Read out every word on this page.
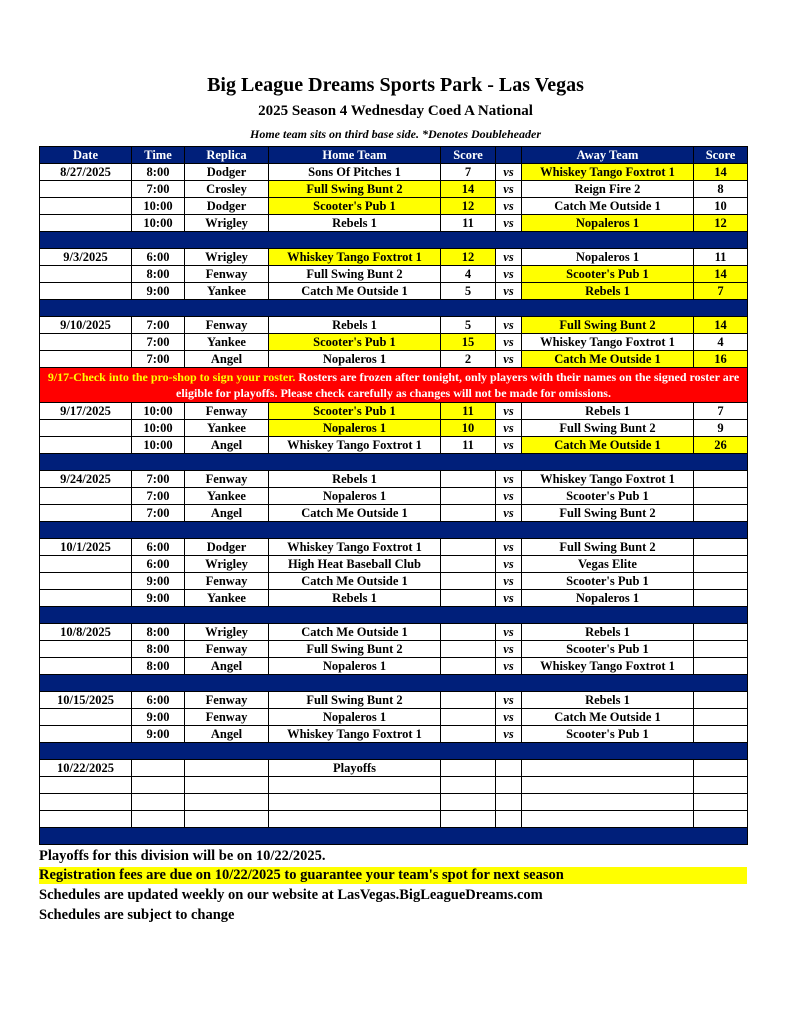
Big League Dreams Sports Park - Las Vegas
2025 Season 4 Wednesday Coed A National
Home team sits on third base side. *Denotes Doubleheader
Date	Time	Replica	Home Team	Score		Away Team	Score
8/27/2025	8:00	Dodger	Sons Of Pitches 1	7	vs	Whiskey Tango Foxtrot 1	14
	7:00	Crosley	Full Swing Bunt 2	14	vs	Reign Fire 2	8
	10:00	Dodger	Scooter's Pub 1	12	vs	Catch Me Outside 1	10
	10:00	Wrigley	Rebels 1	11	vs	Nopaleros 1	12

9/3/2025	6:00	Wrigley	Whiskey Tango Foxtrot 1	12	vs	Nopaleros 1	11
	8:00	Fenway	Full Swing Bunt 2	4	vs	Scooter's Pub 1	14
	9:00	Yankee	Catch Me Outside 1	5	vs	Rebels 1	7

9/10/2025	7:00	Fenway	Rebels 1	5	vs	Full Swing Bunt 2	14
	7:00	Yankee	Scooter's Pub 1	15	vs	Whiskey Tango Foxtrot 1	4
	7:00	Angel	Nopaleros 1	2	vs	Catch Me Outside 1	16
9/17-Check into the pro-shop to sign your roster. Rosters are frozen after tonight, only players with their names on the signed roster are eligible for playoffs. Please check carefully as changes will not be made for omissions.							
9/17/2025	10:00	Fenway	Scooter's Pub 1	11	vs	Rebels 1	7
	10:00	Yankee	Nopaleros 1	10	vs	Full Swing Bunt 2	9
	10:00	Angel	Whiskey Tango Foxtrot 1	11	vs	Catch Me Outside 1	26

9/24/2025	7:00	Fenway	Rebels 1		vs	Whiskey Tango Foxtrot 1	
	7:00	Yankee	Nopaleros 1		vs	Scooter's Pub 1	
	7:00	Angel	Catch Me Outside 1		vs	Full Swing Bunt 2	

10/1/2025	6:00	Dodger	Whiskey Tango Foxtrot 1		vs	Full Swing Bunt 2	
	6:00	Wrigley	High Heat Baseball Club		vs	Vegas Elite	
	9:00	Fenway	Catch Me Outside 1		vs	Scooter's Pub 1	
	9:00	Yankee	Rebels 1		vs	Nopaleros 1	

10/8/2025	8:00	Wrigley	Catch Me Outside 1		vs	Rebels 1	
	8:00	Fenway	Full Swing Bunt 2		vs	Scooter's Pub 1	
	8:00	Angel	Nopaleros 1		vs	Whiskey Tango Foxtrot 1	

10/15/2025	6:00	Fenway	Full Swing Bunt 2		vs	Rebels 1	
	9:00	Fenway	Nopaleros 1		vs	Catch Me Outside 1	
	9:00	Angel	Whiskey Tango Foxtrot 1		vs	Scooter's Pub 1	

10/22/2025			Playoffs				

Playoffs for this division will be on 10/22/2025.
Registration fees are due on 10/22/2025 to guarantee your team's spot for next season
Schedules are updated weekly on our website at LasVegas.BigLeagueDreams.com
Schedules are subject to change
